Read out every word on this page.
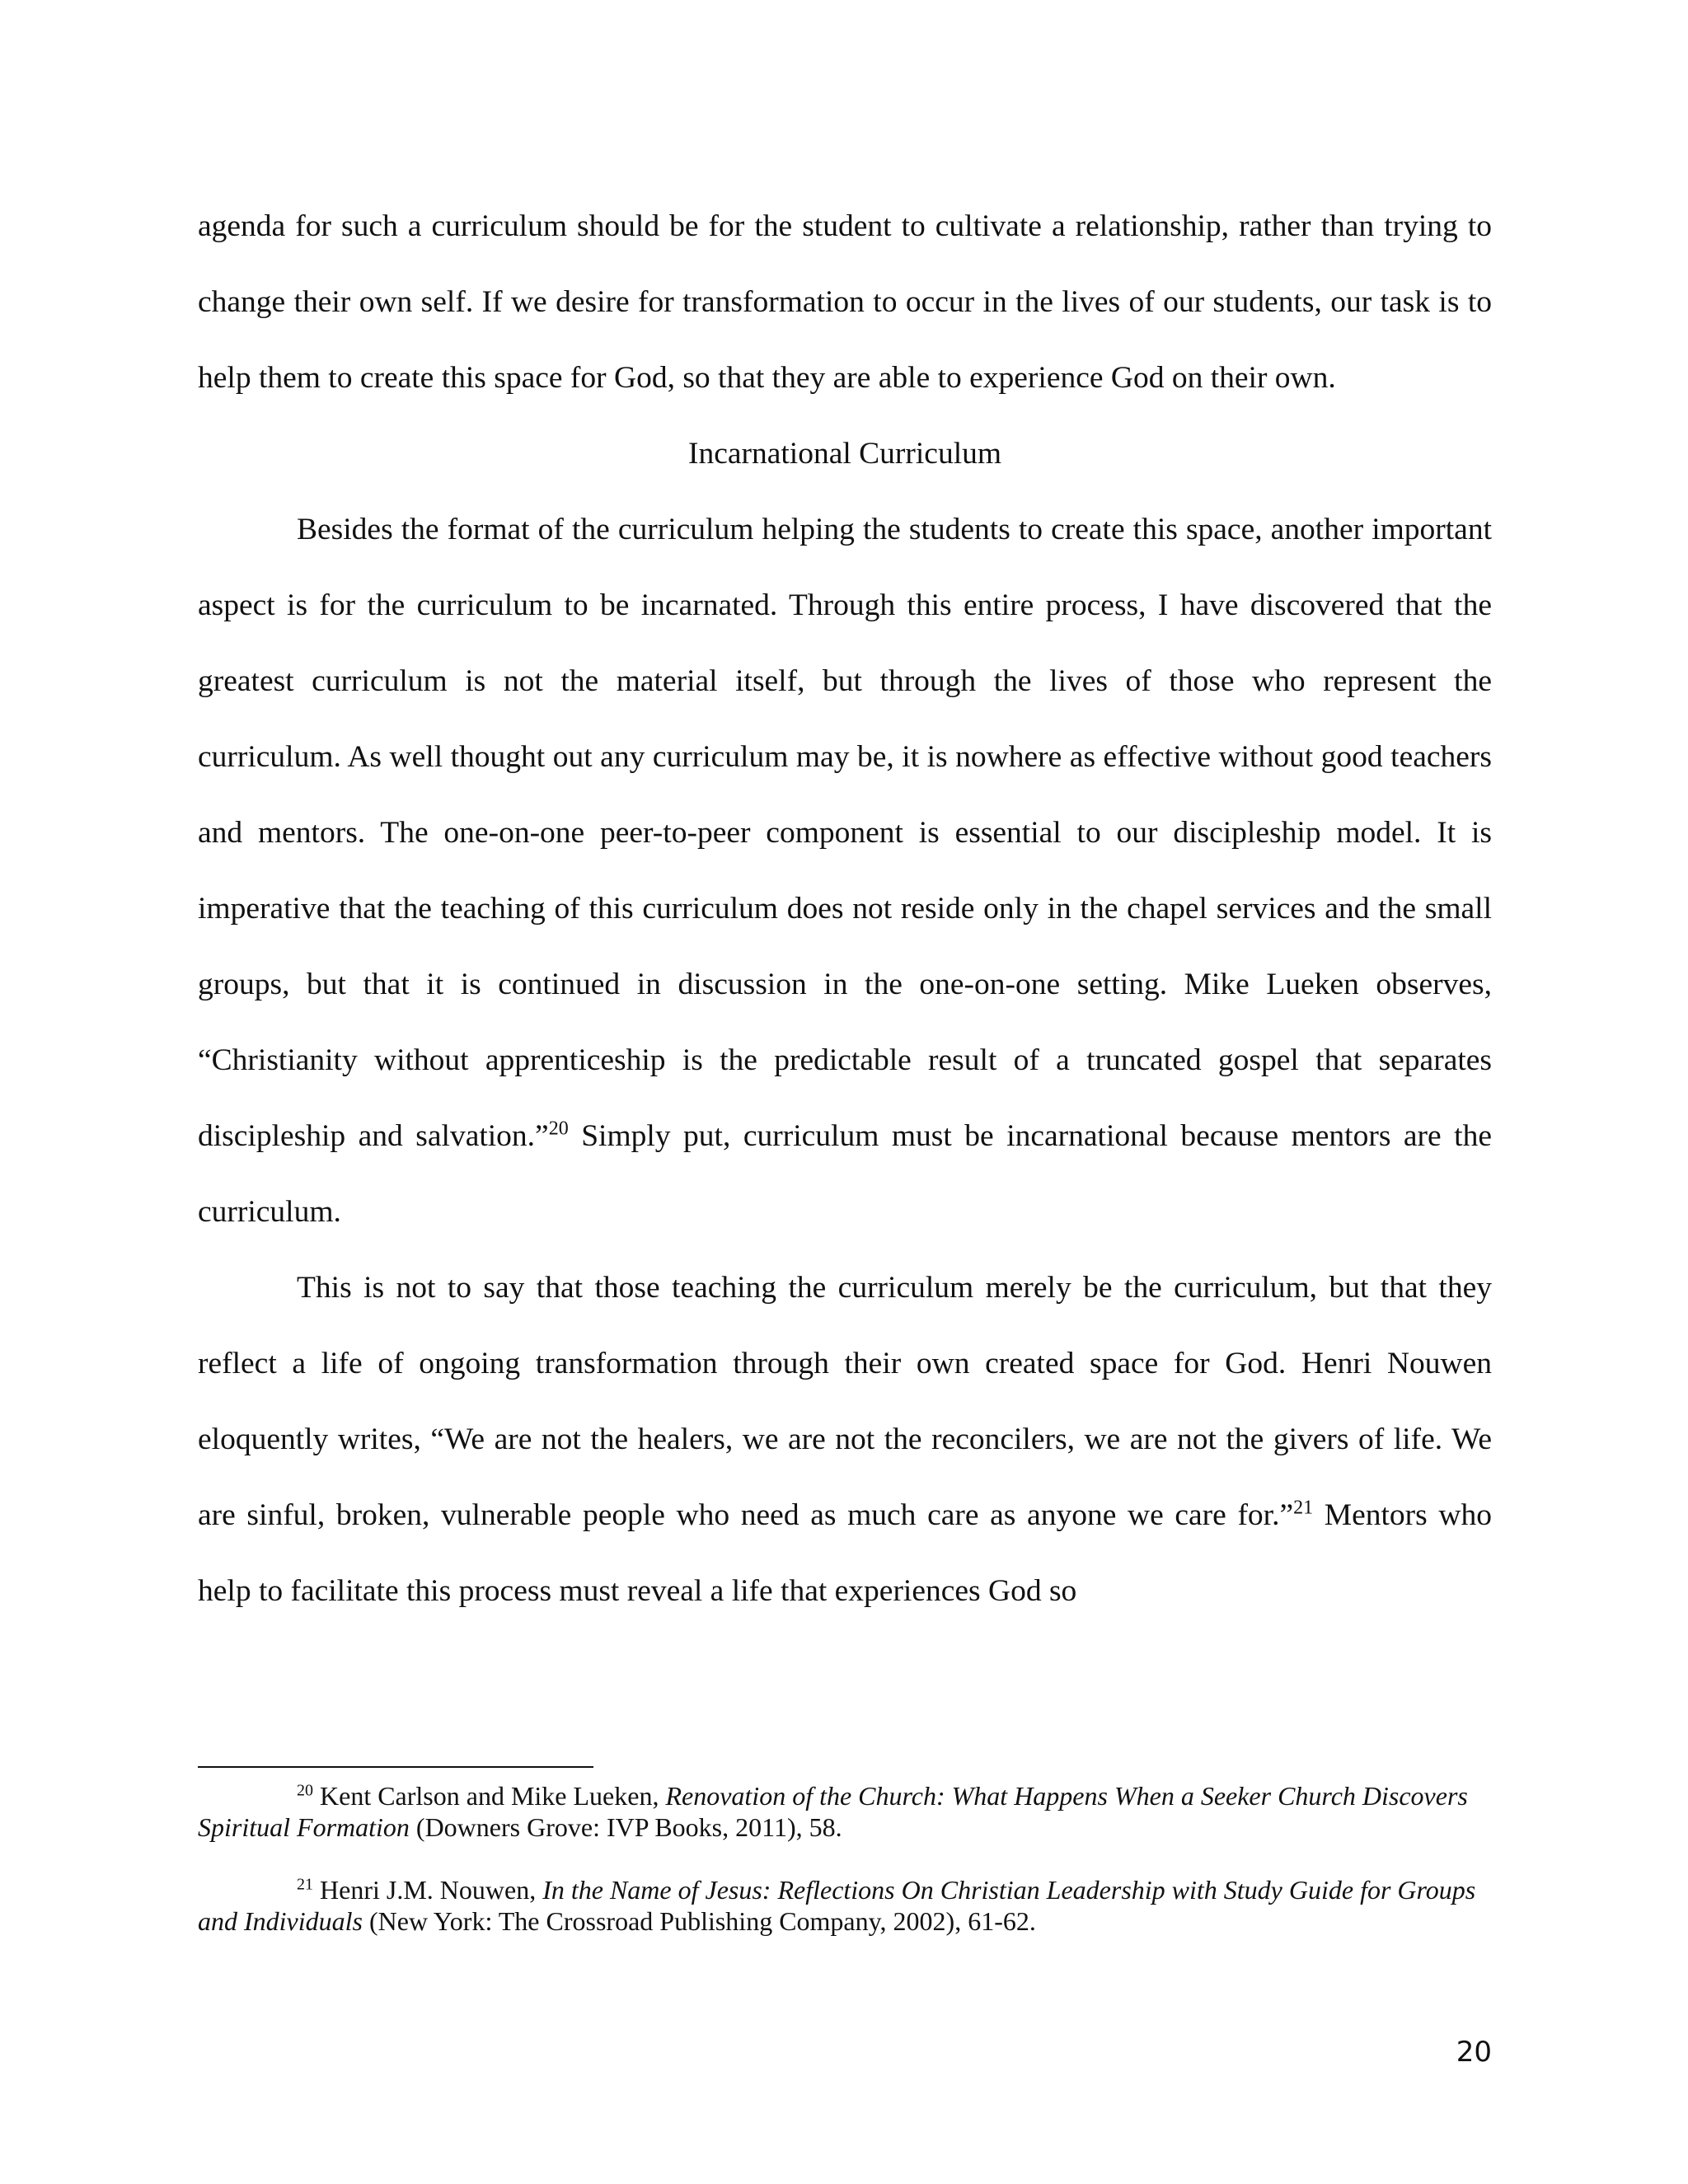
agenda for such a curriculum should be for the student to cultivate a relationship, rather than trying to change their own self. If we desire for transformation to occur in the lives of our students, our task is to help them to create this space for God, so that they are able to experience God on their own.

Incarnational Curriculum

Besides the format of the curriculum helping the students to create this space, another important aspect is for the curriculum to be incarnated. Through this entire process, I have discovered that the greatest curriculum is not the material itself, but through the lives of those who represent the curriculum. As well thought out any curriculum may be, it is nowhere as effective without good teachers and mentors. The one-on-one peer-to-peer component is essential to our discipleship model. It is imperative that the teaching of this curriculum does not reside only in the chapel services and the small groups, but that it is continued in discussion in the one-on-one setting. Mike Lueken observes, “Christianity without apprenticeship is the predictable result of a truncated gospel that separates discipleship and salvation.”$^{20}$ Simply put, curriculum must be incarnational because mentors are the curriculum.

This is not to say that those teaching the curriculum merely be the curriculum, but that they reflect a life of ongoing transformation through their own created space for God. Henri Nouwen eloquently writes, “We are not the healers, we are not the reconcilers, we are not the givers of life. We are sinful, broken, vulnerable people who need as much care as anyone we care for.”$^{21}$ Mentors who help to facilitate this process must reveal a life that experiences God so

$^{20}$ Kent Carlson and Mike Lueken, Renovation of the Church: What Happens When a Seeker Church Discovers Spiritual Formation (Downers Grove: IVP Books, 2011), 58.

$^{21}$ Henri J.M. Nouwen, In the Name of Jesus: Reflections On Christian Leadership with Study Guide for Groups and Individuals (New York: The Crossroad Publishing Company, 2002), 61-62.

20
